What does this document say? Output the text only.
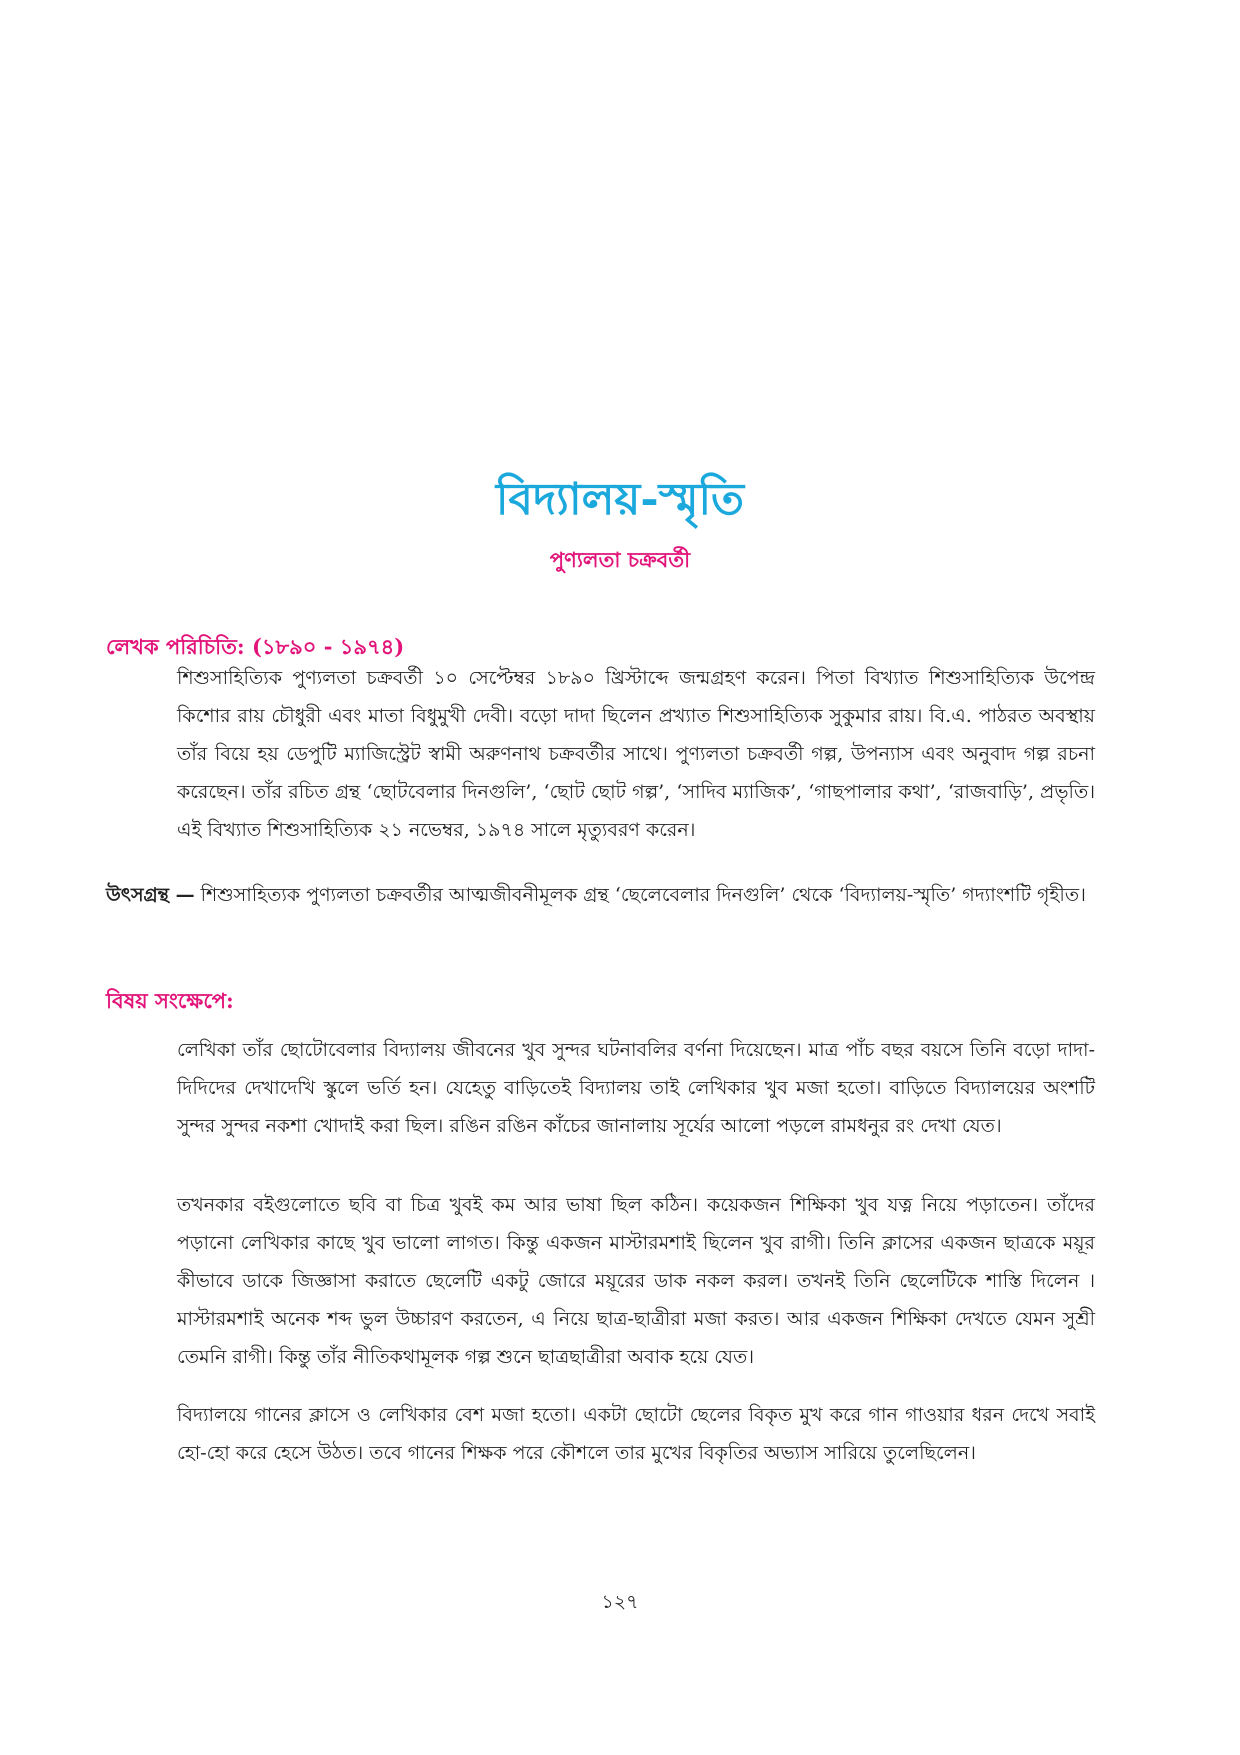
বিদ্যালয়-স্মৃতি
পুণ্যলতা চক্রবর্তী
লেখক পরিচিতি: (১৮৯০ - ১৯৭৪)

শিশুসাহিত্যিক পুণ্যলতা চক্রবর্তী ১০ সেপ্টেম্বর ১৮৯০ খ্রিস্টাব্দে জন্মগ্রহণ করেন। পিতা বিখ্যাত শিশুসাহিত্যিক উপেন্দ্র কিশোর রায় চৌধুরী এবং মাতা বিধুমুখী দেবী। বড়ো দাদা ছিলেন প্রখ্যাত শিশুসাহিত্যিক সুকুমার রায়। বি.এ. পাঠরত অবস্থায় তাঁর বিয়ে হয় ডেপুটি ম্যাজিস্ট্রেট স্বামী অরুণনাথ চক্রবর্তীর সাথে। পুণ্যলতা চক্রবর্তী গল্প, উপন্যাস এবং অনুবাদ গল্প রচনা করেছেন। তাঁর রচিত গ্রন্থ ‘ছোটবেলার দিনগুলি’, ‘ছোট ছোট গল্প’, ‘সাদিব ম্যাজিক’, ‘গাছপালার কথা’, ‘রাজবাড়ি’, প্রভৃতি। এই বিখ্যাত শিশুসাহিত্যিক ২১ নভেম্বর, ১৯৭৪ সালে মৃত্যুবরণ করেন।

উৎসগ্রন্থ — শিশুসাহিত্যক পুণ্যলতা চক্রবর্তীর আত্মজীবনীমূলক গ্রন্থ ‘ছেলেবেলার দিনগুলি’ থেকে ‘বিদ্যালয়-স্মৃতি’ গদ্যাংশটি গৃহীত।

বিষয় সংক্ষেপে:

লেখিকা তাঁর ছোটোবেলার বিদ্যালয় জীবনের খুব সুন্দর ঘটনাবলির বর্ণনা দিয়েছেন। মাত্র পাঁচ বছর বয়সে তিনি বড়ো দাদা-দিদিদের দেখাদেখি স্কুলে ভর্তি হন। যেহেতু বাড়িতেই বিদ্যালয় তাই লেখিকার খুব মজা হতো। বাড়িতে বিদ্যালয়ের অংশটি সুন্দর সুন্দর নকশা খোদাই করা ছিল। রঙিন রঙিন কাঁচের জানালায় সূর্যের আলো পড়লে রামধনুর রং দেখা যেত।

তখনকার বইগুলোতে ছবি বা চিত্র খুবই কম আর ভাষা ছিল কঠিন। কয়েকজন শিক্ষিকা খুব যত্ন নিয়ে পড়াতেন। তাঁদের পড়ানো লেখিকার কাছে খুব ভালো লাগত। কিন্তু একজন মাস্টারমশাই ছিলেন খুব রাগী। তিনি ক্লাসের একজন ছাত্রকে ময়ূর কীভাবে ডাকে জিজ্ঞাসা করাতে ছেলেটি একটু জোরে ময়ূরের ডাক নকল করল। তখনই তিনি ছেলেটিকে শাস্তি দিলেন । মাস্টারমশাই অনেক শব্দ ভুল উচ্চারণ করতেন, এ নিয়ে ছাত্র-ছাত্রীরা মজা করত। আর একজন শিক্ষিকা দেখতে যেমন সুশ্রী তেমনি রাগী। কিন্তু তাঁর নীতিকথামূলক গল্প শুনে ছাত্রছাত্রীরা অবাক হয়ে যেত।

বিদ্যালয়ে গানের ক্লাসে ও লেখিকার বেশ মজা হতো। একটা ছোটো ছেলের বিকৃত মুখ করে গান গাওয়ার ধরন দেখে সবাই হো-হো করে হেসে উঠত। তবে গানের শিক্ষক পরে কৌশলে তার মুখের বিকৃতির অভ্যাস সারিয়ে তুলেছিলেন।

১২৭
